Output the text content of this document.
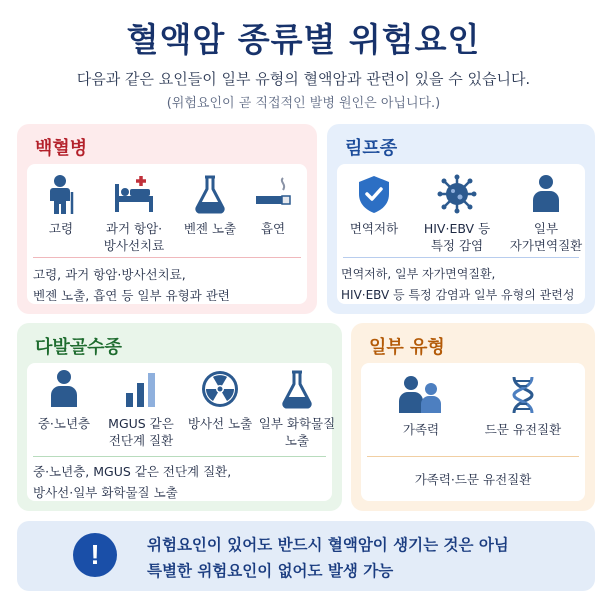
혈액암 종류별 위험요인
다음과 같은 요인들이 일부 유형의 혈액암과 관련이 있을 수 있습니다.
(위험요인이 곧 직접적인 발병 원인은 아닙니다.)
백혈병
고령	과거 항암·
방사선치료
벤젠 노출	흡연
고령, 과거 항암·방사선치료,
벤젠 노출, 흡연 등 일부 유형과 관련
림프종
면역저하	HIV·EBV 등
특정 감염
일부
자가면역질환
면역저하, 일부 자가면역질환,
HIV·EBV 등 특정 감염과 일부 유형의 관련성
다발골수종
중·노년층	MGUS 같은
전단계 질환
방사선 노출 일부 화학물질
노출
중·노년층, MGUS 같은 전단계 질환,
방사선·일부 화학물질 노출
일부 유형
가족력	드문 유전질환
가족력·드문 유전질환
!	위험요인이 있어도 반드시 혈액암이 생기는 것은 아님
특별한 위험요인이 없어도 발생 가능
